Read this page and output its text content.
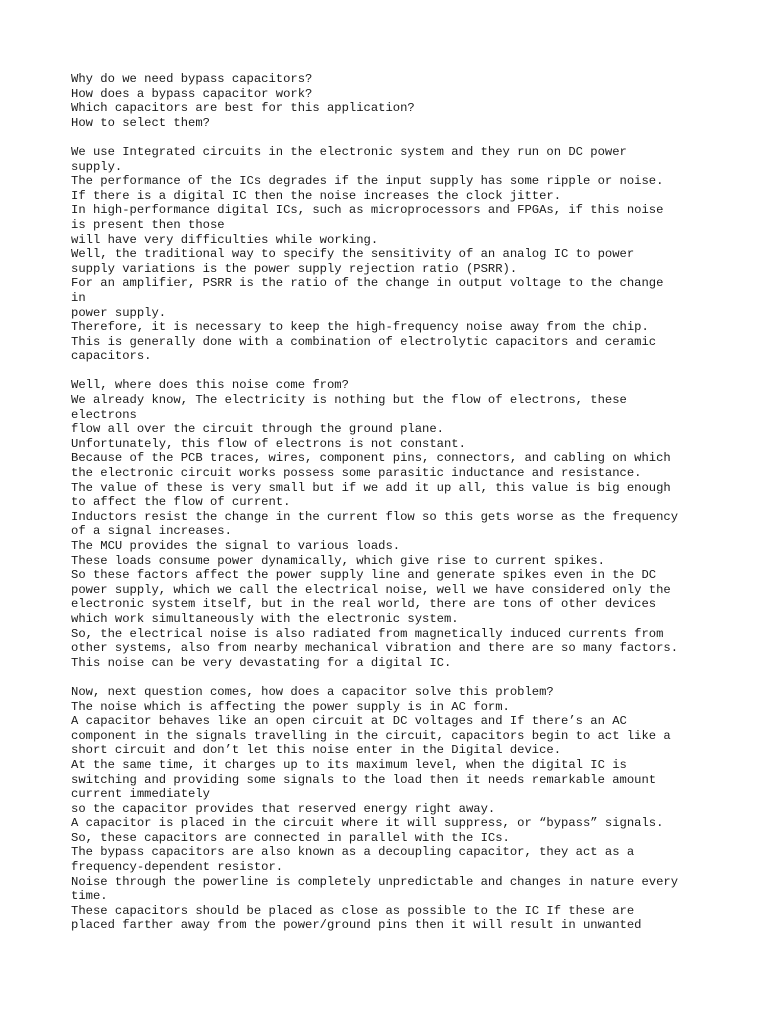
Why do we need bypass capacitors?
How does a bypass capacitor work?
Which capacitors are best for this application?
How to select them?
We use Integrated circuits in the electronic system and they run on DC power
supply.
The performance of the ICs degrades if the input supply has some ripple or noise.
If there is a digital IC then the noise increases the clock jitter.
In high-performance digital ICs, such as microprocessors and FPGAs, if this noise
is present then those
will have very difficulties while working.
Well, the traditional way to specify the sensitivity of an analog IC to power
supply variations is the power supply rejection ratio (PSRR).
For an amplifier, PSRR is the ratio of the change in output voltage to the change
in
power supply.
Therefore, it is necessary to keep the high-frequency noise away from the chip.
This is generally done with a combination of electrolytic capacitors and ceramic
capacitors.
Well, where does this noise come from?
We already know, The electricity is nothing but the flow of electrons, these
electrons
flow all over the circuit through the ground plane.
Unfortunately, this flow of electrons is not constant.
Because of the PCB traces, wires, component pins, connectors, and cabling on which
the electronic circuit works possess some parasitic inductance and resistance.
The value of these is very small but if we add it up all, this value is big enough
to affect the flow of current.
Inductors resist the change in the current flow so this gets worse as the frequency
of a signal increases.
The MCU provides the signal to various loads.
These loads consume power dynamically, which give rise to current spikes.
So these factors affect the power supply line and generate spikes even in the DC
power supply, which we call the electrical noise, well we have considered only the
electronic system itself, but in the real world, there are tons of other devices
which work simultaneously with the electronic system.
So, the electrical noise is also radiated from magnetically induced currents from
other systems, also from nearby mechanical vibration and there are so many factors.
This noise can be very devastating for a digital IC.
Now, next question comes, how does a capacitor solve this problem?
The noise which is affecting the power supply is in AC form.
A capacitor behaves like an open circuit at DC voltages and If there’s an AC
component in the signals travelling in the circuit, capacitors begin to act like a
short circuit and don’t let this noise enter in the Digital device.
At the same time, it charges up to its maximum level, when the digital IC is
switching and providing some signals to the load then it needs remarkable amount
current immediately
so the capacitor provides that reserved energy right away.
A capacitor is placed in the circuit where it will suppress, or “bypass” signals.
So, these capacitors are connected in parallel with the ICs.
The bypass capacitors are also known as a decoupling capacitor, they act as a
frequency-dependent resistor.
Noise through the powerline is completely unpredictable and changes in nature every
time.
These capacitors should be placed as close as possible to the IC If these are
placed farther away from the power/ground pins then it will result in unwanted
